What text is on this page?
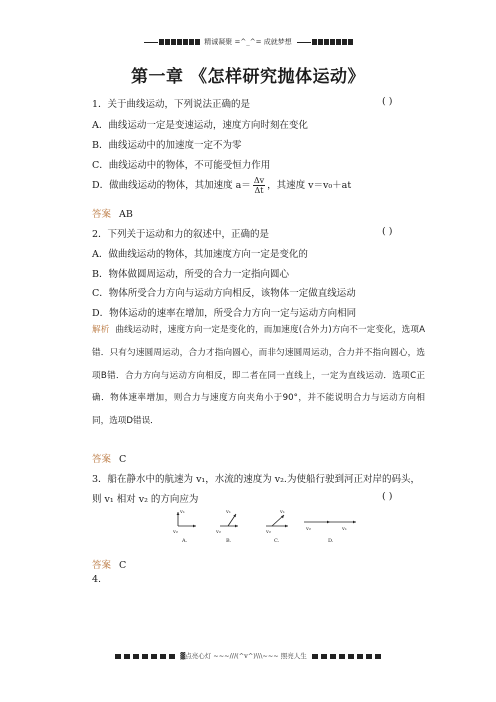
精诚凝聚 =^_^= 成就梦想
第一章 《怎样研究抛体运动》
1．关于曲线运动，下列说法正确的是	( )
A．曲线运动一定是变速运动，速度方向时刻在变化
B．曲线运动中的加速度一定不为零
C．曲线运动中的物体，不可能受恒力作用
D．做曲线运动的物体，其加速度 $a= \frac{\Delta v}{\Delta t}$ ，其速度 v＝v₀＋at
答案 AB
2．下列关于运动和力的叙述中，正确的是	( )
A．做曲线运动的物体，其加速度方向一定是变化的
B．物体做圆周运动，所受的合力一定指向圆心
C．物体所受合力方向与运动方向相反，该物体一定做直线运动
D．物体运动的速率在增加，所受合力方向一定与运动方向相同
解析 曲线运动时，速度方向一定是变化的，而加速度(合外力)方向不一定变化，选项A错．只有匀速圆周运动，合力才指向圆心，而非匀速圆周运动，合力并不指向圆心，选项B错．合力方向与运动方向相反，即二者在同一直线上，一定为直线运动．选项C正确．物体速率增加，则合力与速度方向夹角小于90°，并不能说明合力与运动方向相同，选项D错误．
答案 C
3．船在静水中的航速为 v₁，水流的速度为 v₂.为使船行驶到河正对岸的码头，
则 v₁ 相对 v₂ 的方向应为	( )
v₁
v₂
A.
v₁
v₂
B.
v₁
v₂
C.
v₂	v₁
D.
答案 C
4.
▓点亮心灯 ~~~///(^v^)\\\~~~ 照亮人生
